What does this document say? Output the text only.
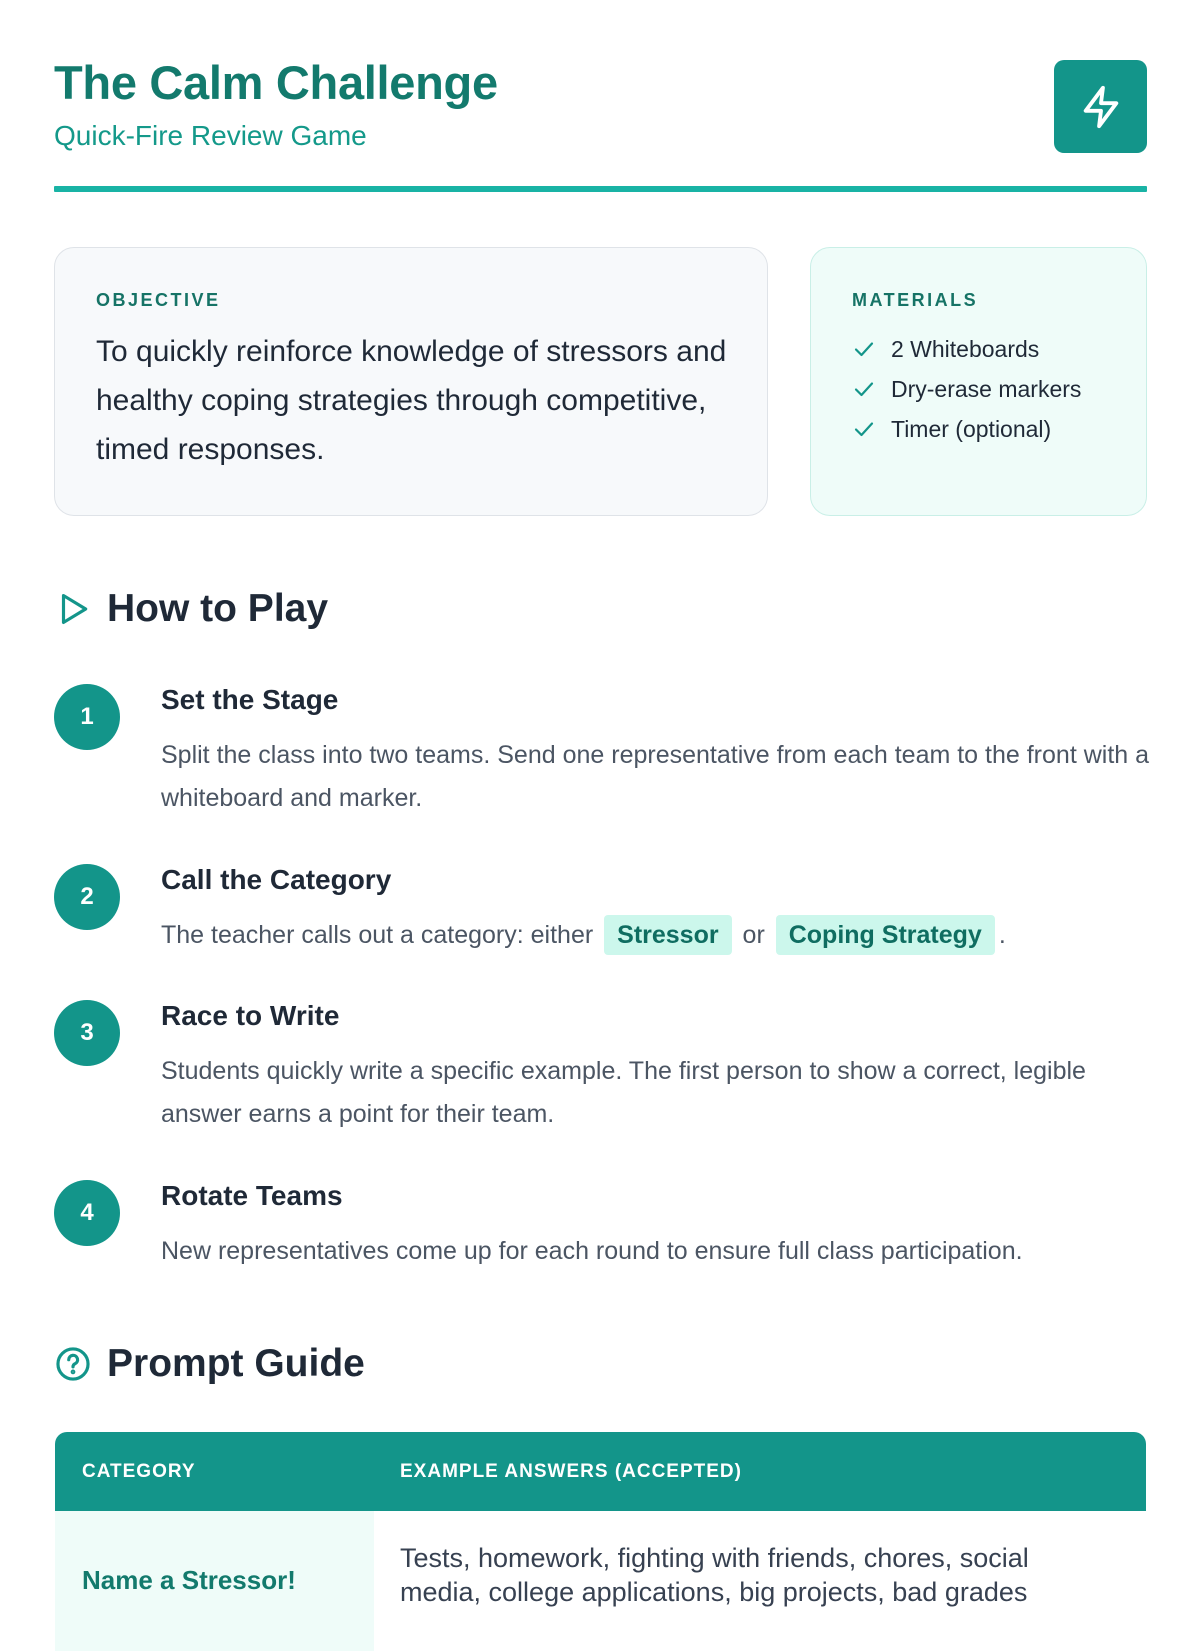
The Calm Challenge
Quick-Fire Review Game
OBJECTIVE
To quickly reinforce knowledge of stressors and healthy coping strategies through competitive, timed responses.
MATERIALS
2 Whiteboards
Dry-erase markers
Timer (optional)
How to Play
1
Set the Stage
Split the class into two teams. Send one representative from each team to the front with a whiteboard and marker.
2
Call the Category
The teacher calls out a category: either Stressor or Coping Strategy .
3
Race to Write
Students quickly write a specific example. The first person to show a correct, legible answer earns a point for their team.
4
Rotate Teams
New representatives come up for each round to ensure full class participation.
Prompt Guide
CATEGORY	EXAMPLE ANSWERS (ACCEPTED)
Name a Stressor!	Tests, homework, fighting with friends, chores, social media, college applications, big projects, bad grades
